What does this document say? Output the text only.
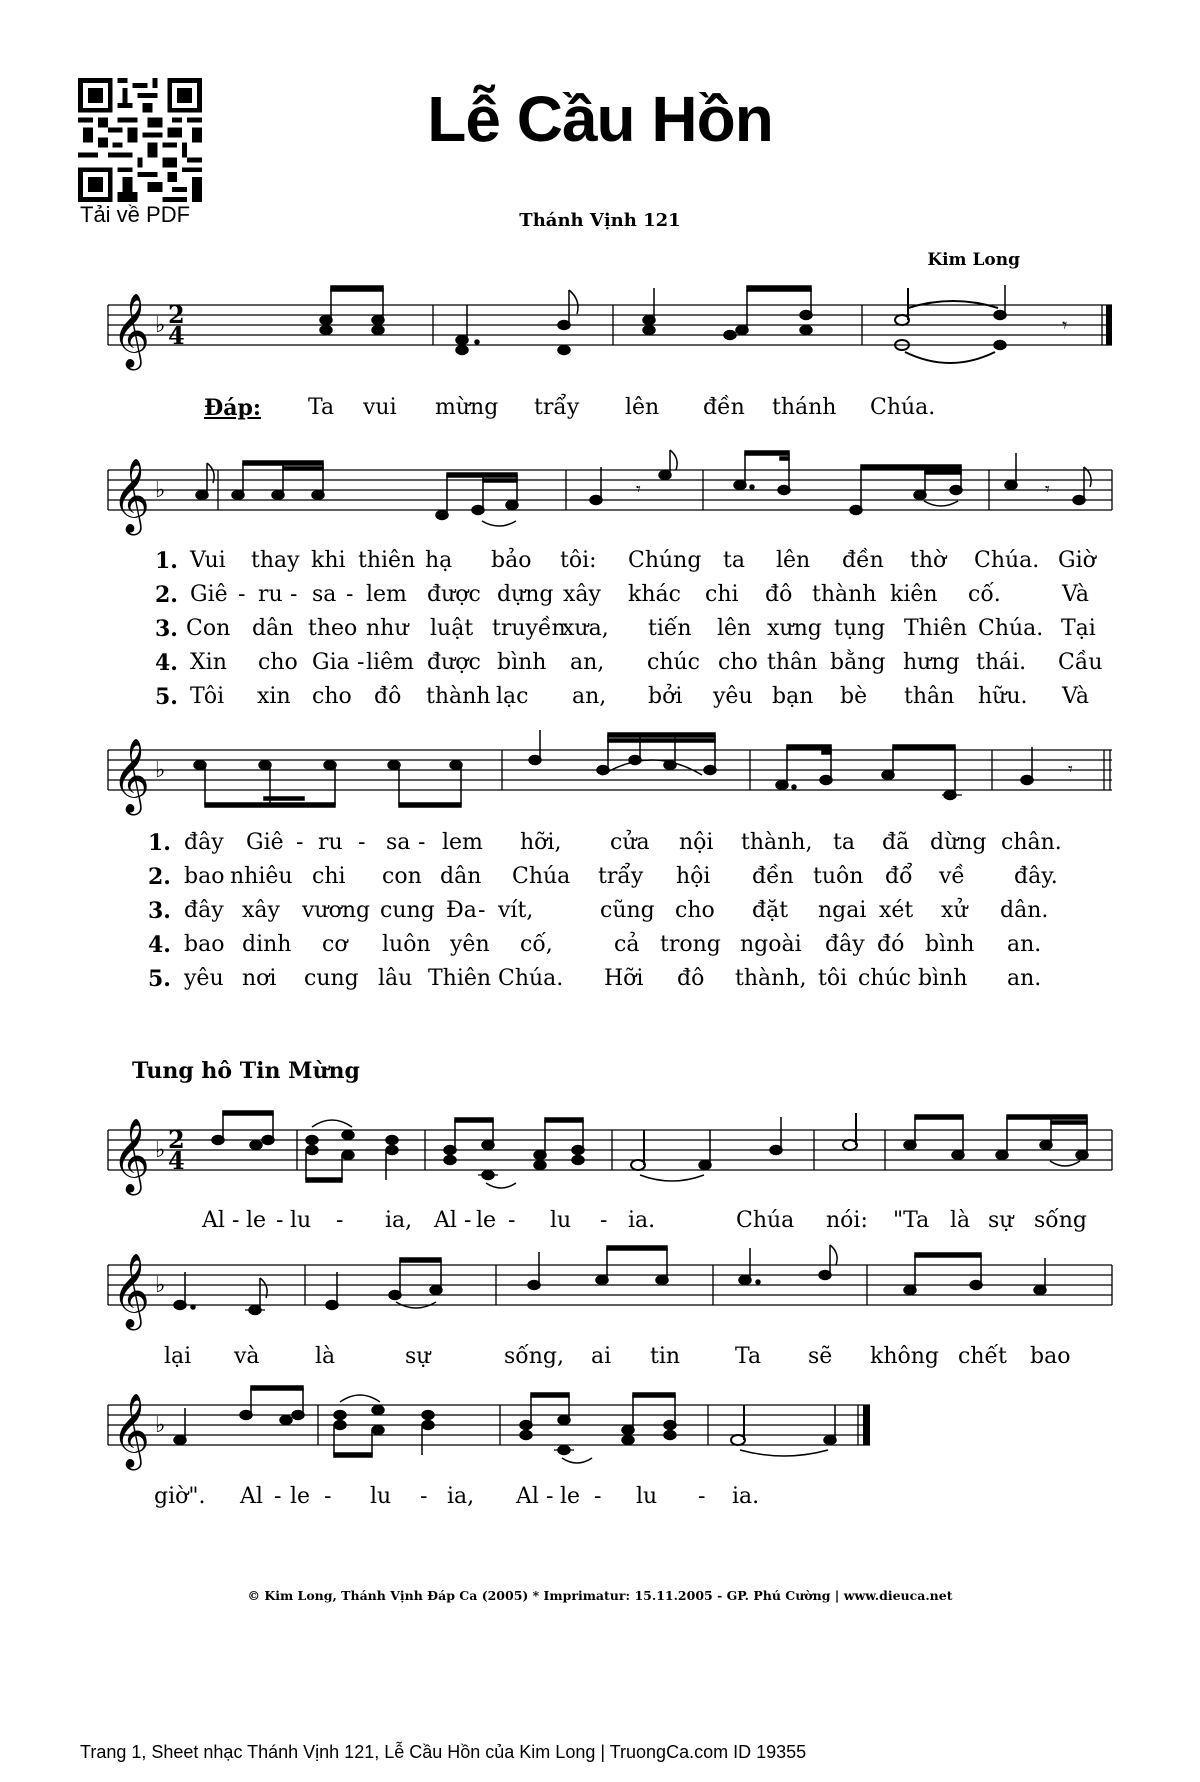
Tải về PDF
Lễ Cầu Hồn
Thánh Vịnh 121
Kim Long
𝄞 ♭ 2
4	𝄾
Đáp: Ta vui mừng trẩy lên đền thánh Chúa.
𝄞 ♭	𝄾	𝄾
1. Vui thay khi thiên hạ bảo tôi: Chúng ta lên đền thờ Chúa. Giờ
2. Giê - ru - sa - lem được dựng xây khác chi đô thành kiên cố.	Và
3. Con dân theo như luật truyền
xưa, tiến lên xưng tụng Thiên Chúa. Tại
4. Xin cho Gia - liêm được bình an, chúc cho thân bằng hưng thái. Cầu
5. Tôi xin cho đô thành lạc an, bởi yêu bạn bè thân hữu. Và
𝄞 ♭	𝄾
1. đây Giê - ru - sa - lem hỡi, cửa nội thành, ta đã dừng chân.
2. bao nhiêu chi con dân Chúa trẩy hội đền tuôn đổ về đây.
3. đây xây vương cung Đa - vít,	cũng cho đặt ngai xét xử dân.
4. bao dinh cơ luôn yên cố,	cả trong ngoài đây đó bình an.
5. yêu nơi cung lâu Thiên Chúa. Hỡi đô thành, tôi chúc bình an.
Tung hô Tin Mừng
𝄞 ♭ 2
4
Al - le - lu - ia, Al - le - lu - ia.	Chúa nói: "Ta là sự sống
𝄞 ♭
lại và	là	sự	sống, ai tin Ta sẽ không chết bao
𝄞 ♭
giờ". Al - le - lu - ia, Al - le - lu - ia.
© Kim Long, Thánh Vịnh Đáp Ca (2005) * Imprimatur: 15.11.2005 - GP. Phú Cường | www.dieuca.net
Trang 1, Sheet nhạc Thánh Vịnh 121, Lễ Cầu Hồn của Kim Long | TruongCa.com ID 19355
